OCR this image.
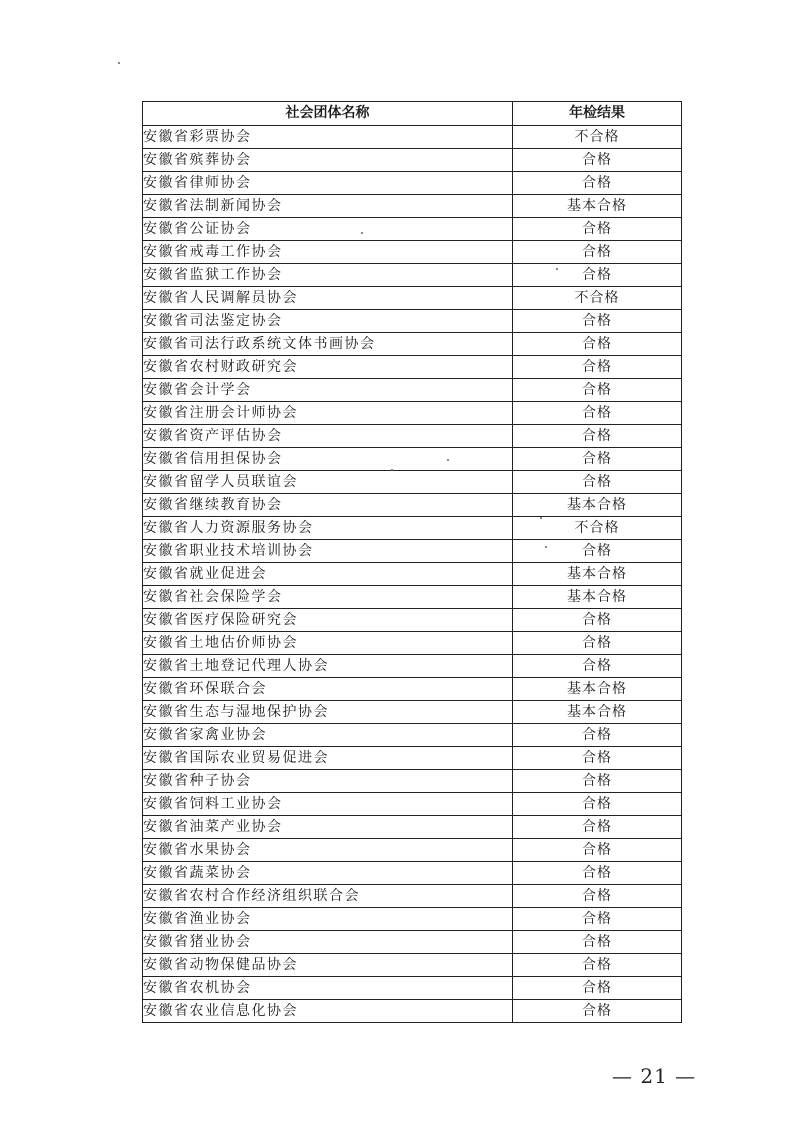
社会团体名称	年检结果
安徽省彩票协会	不合格
安徽省殡葬协会	合格
安徽省律师协会	合格
安徽省法制新闻协会	基本合格
安徽省公证协会	合格
安徽省戒毒工作协会	合格
安徽省监狱工作协会	合格
安徽省人民调解员协会	不合格
安徽省司法鉴定协会	合格
安徽省司法行政系统文体书画协会	合格
安徽省农村财政研究会	合格
安徽省会计学会	合格
安徽省注册会计师协会	合格
安徽省资产评估协会	合格
安徽省信用担保协会	合格
安徽省留学人员联谊会	合格
安徽省继续教育协会	基本合格
安徽省人力资源服务协会	不合格
安徽省职业技术培训协会	合格
安徽省就业促进会	基本合格
安徽省社会保险学会	基本合格
安徽省医疗保险研究会	合格
安徽省土地估价师协会	合格
安徽省土地登记代理人协会	合格
安徽省环保联合会	基本合格
安徽省生态与湿地保护协会	基本合格
安徽省家禽业协会	合格
安徽省国际农业贸易促进会	合格
安徽省种子协会	合格
安徽省饲料工业协会	合格
安徽省油菜产业协会	合格
安徽省水果协会	合格
安徽省蔬菜协会	合格
安徽省农村合作经济组织联合会	合格
安徽省渔业协会	合格
安徽省猪业协会	合格
安徽省动物保健品协会	合格
安徽省农机协会	合格
安徽省农业信息化协会	合格
— 21 —
